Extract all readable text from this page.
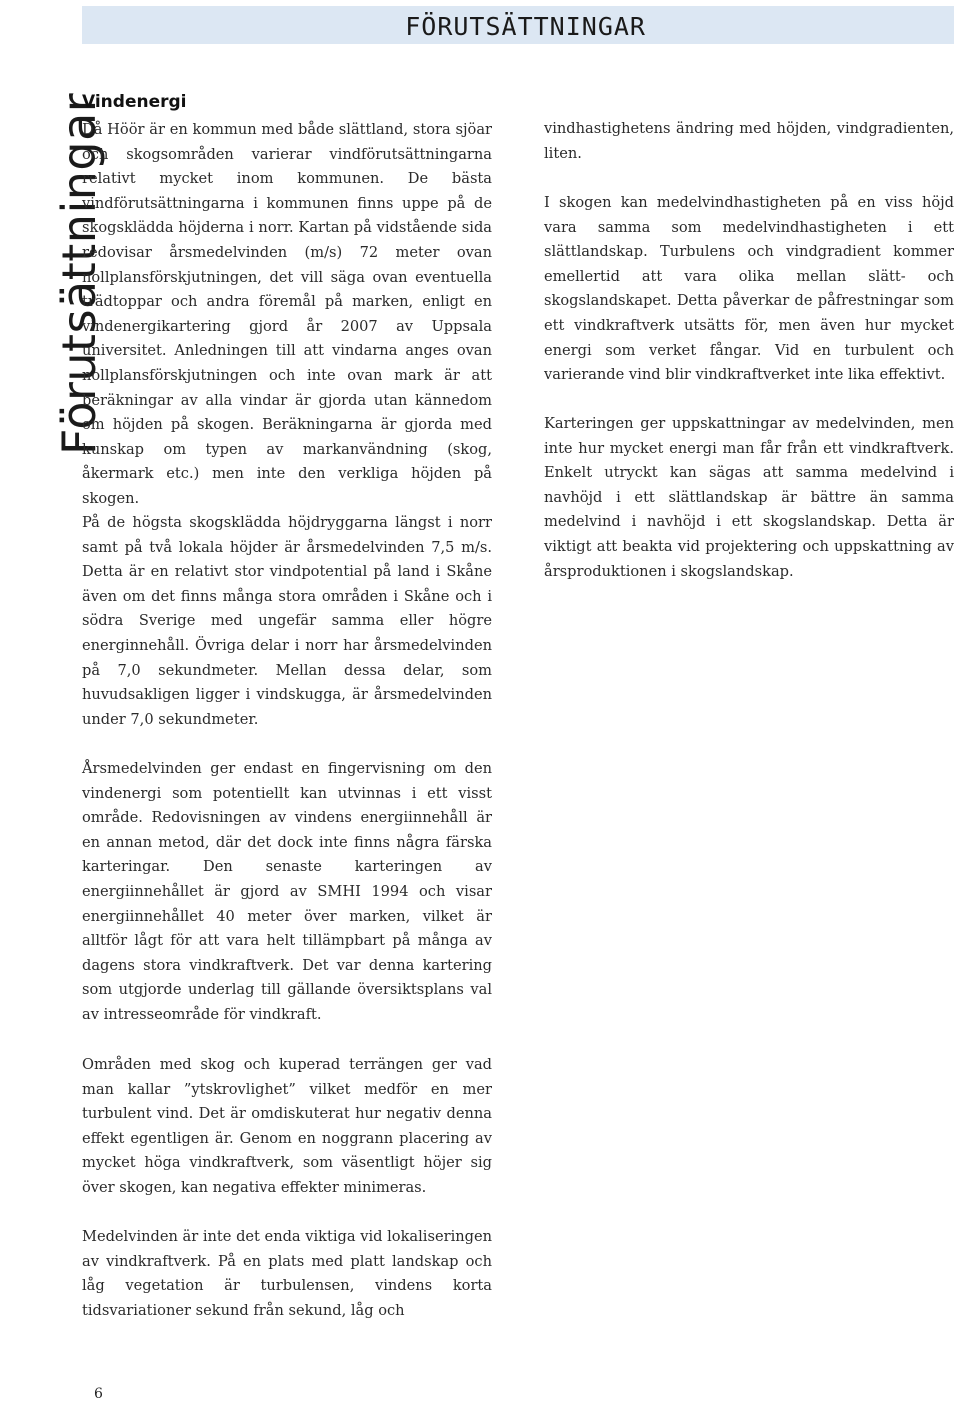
Förutsättningar
FÖRUTSÄTTNINGAR
Vindenergi

Då Höör är en kommun med både slättland, stora sjöar och skogsområden varierar vindförutsättningarna relativt mycket inom kommunen. De bästa vindförutsättningarna i kommunen finns uppe på de skogsklädda höjderna i norr. Kartan på vidstående sida redovisar årsmedelvinden (m/s) 72 meter ovan nollplansförskjutningen, det vill säga ovan eventuella trädtoppar och andra föremål på marken, enligt en vindenergikartering gjord år 2007 av Uppsala universitet. Anledningen till att vindarna anges ovan nollplansförskjutningen och inte ovan mark är att beräkningar av alla vindar är gjorda utan kännedom om höjden på skogen. Beräkningarna är gjorda med kunskap om typen av markanvändning (skog, åkermark etc.) men inte den verkliga höjden på skogen.

På de högsta skogsklädda höjdryggarna längst i norr samt på två lokala höjder är årsmedelvinden 7,5 m/s. Detta är en relativt stor vindpotential på land i Skåne även om det finns många stora områden i Skåne och i södra Sverige med ungefär samma eller högre energinnehåll. Övriga delar i norr har årsmedelvinden på 7,0 sekundmeter. Mellan dessa delar, som huvudsakligen ligger i vindskugga, är årsmedelvinden under 7,0 sekundmeter.

Årsmedelvinden ger endast en fingervisning om den vindenergi som potentiellt kan utvinnas i ett visst område. Redovisningen av vindens energiinnehåll är en annan metod, där det dock inte finns några färska karteringar. Den senaste karteringen av energiinnehållet är gjord av SMHI 1994 och visar energiinnehållet 40 meter över marken, vilket är alltför lågt för att vara helt tillämpbart på många av dagens stora vindkraftverk. Det var denna kartering som utgjorde underlag till gällande översiktsplans val av intresseområde för vindkraft.

Områden med skog och kuperad terrängen ger vad man kallar ”ytskrovlighet” vilket medför en mer turbulent vind. Det är omdiskuterat hur negativ denna effekt egentligen är. Genom en noggrann placering av mycket höga vindkraftverk, som väsentligt höjer sig över skogen, kan negativa effekter minimeras.

Medelvinden är inte det enda viktiga vid lokaliseringen av vindkraftverk. På en plats med platt landskap och låg vegetation är turbulensen, vindens korta tidsvariationer sekund från sekund, låg och

vindhastighetens ändring med höjden, vindgradienten, liten.

I skogen kan medelvindhastigheten på en viss höjd vara samma som medelvindhastigheten i ett slättlandskap. Turbulens och vindgradient kommer emellertid att vara olika mellan slätt- och skogslandskapet. Detta påverkar de påfrestningar som ett vindkraftverk utsätts för, men även hur mycket energi som verket fångar. Vid en turbulent och varierande vind blir vindkraftverket inte lika effektivt.

Karteringen ger uppskattningar av medelvinden, men inte hur mycket energi man får från ett vindkraftverk. Enkelt utryckt kan sägas att samma medelvind i navhöjd i ett slättlandskap är bättre än samma medelvind i navhöjd i ett skogslandskap. Detta är viktigt att beakta vid projektering och uppskattning av årsproduktionen i skogslandskap.

6
